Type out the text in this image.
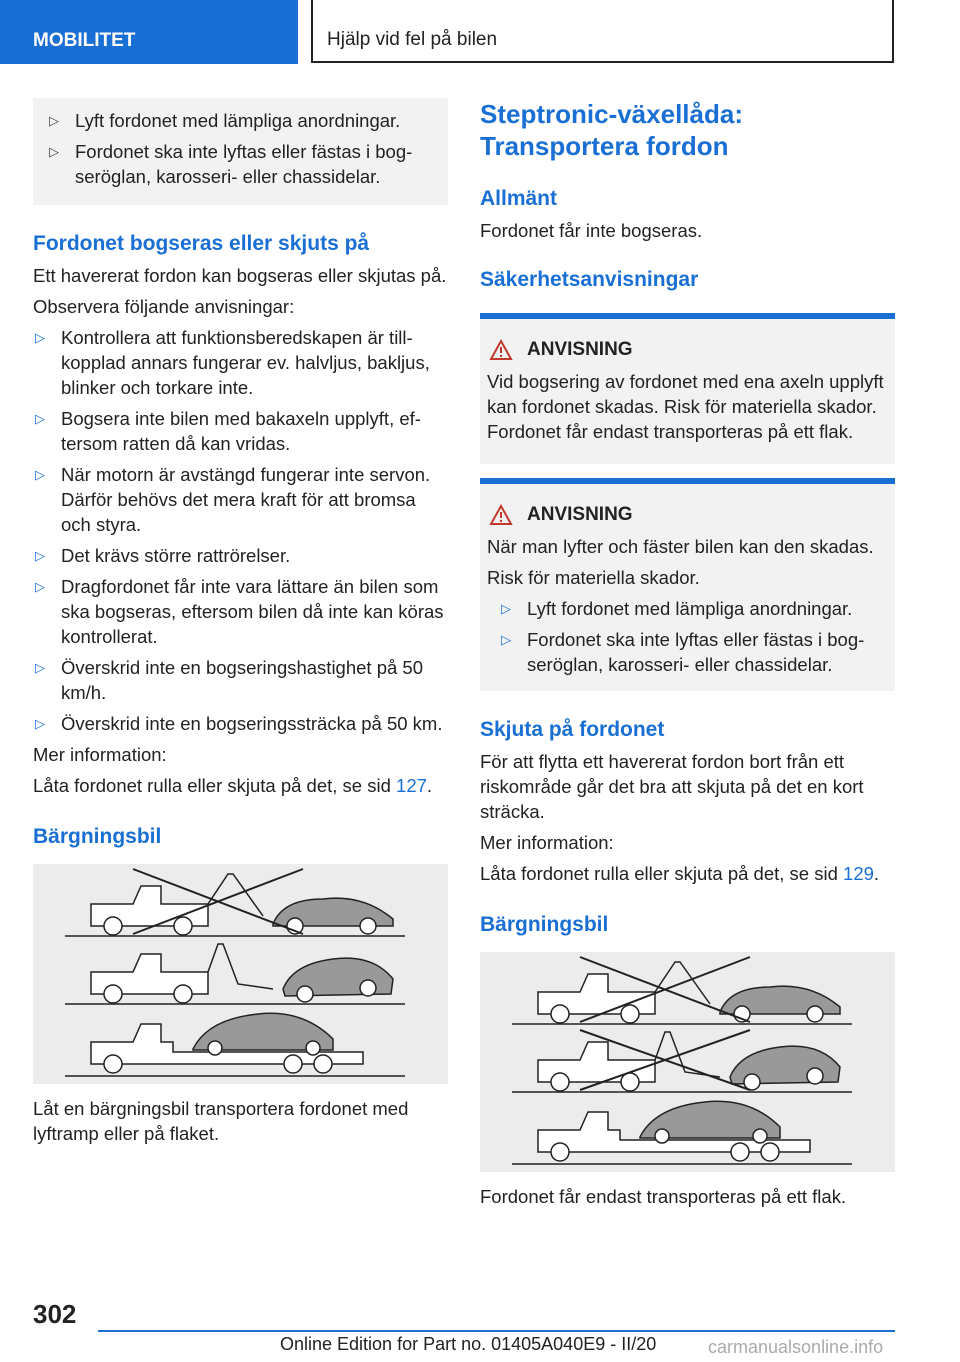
MOBILITET	Hjälp vid fel på bilen
▷ Lyft fordonet med lämpliga anordningar.
▷ Fordonet ska inte lyftas eller fästas i bogseröglan, karosseri- eller chassidelar.
Fordonet bogseras eller skjuts på

Ett havererat fordon kan bogseras eller skjutas på.

Observera följande anvisningar:

▷ Kontrollera att funktionsberedskapen är tillkopplad annars fungerar ev. halvljus, bakljus, blinker och torkare inte.
▷ Bogsera inte bilen med bakaxeln upplyft, eftersom ratten då kan vridas.
▷ När motorn är avstängd fungerar inte servon. Därför behövs det mera kraft för att bromsa och styra.
▷ Det krävs större rattrörelser.
▷ Dragfordonet får inte vara lättare än bilen som ska bogseras, eftersom bilen då inte kan köras kontrollerat.
▷ Överskrid inte en bogseringshastighet på 50 km/h.
▷ Överskrid inte en bogseringssträcka på 50 km.

Mer information:

Låta fordonet rulla eller skjuta på det, se sid 127.

Bärgningsbil

Låt en bärgningsbil transportera fordonet med lyftramp eller på flaket.

Steptronic-växellåda: Transportera fordon
Allmänt

Fordonet får inte bogseras.

Säkerhetsanvisningar
ANVISNING

Vid bogsering av fordonet med ena axeln upplyft kan fordonet skadas. Risk för materiella skador. Fordonet får endast transporteras på ett flak.

ANVISNING

När man lyfter och fäster bilen kan den skadas.

Risk för materiella skador.

▷ Lyft fordonet med lämpliga anordningar.
▷ Fordonet ska inte lyftas eller fästas i bogseröglan, karosseri- eller chassidelar.
Skjuta på fordonet

För att flytta ett havererat fordon bort från ett riskområde går det bra att skjuta på det en kort sträcka.

Mer information:

Låta fordonet rulla eller skjuta på det, se sid 129.

Bärgningsbil

Fordonet får endast transporteras på ett flak.

302
Online Edition for Part no. 01405A040E9 - II/20	carmanualsonline.info
